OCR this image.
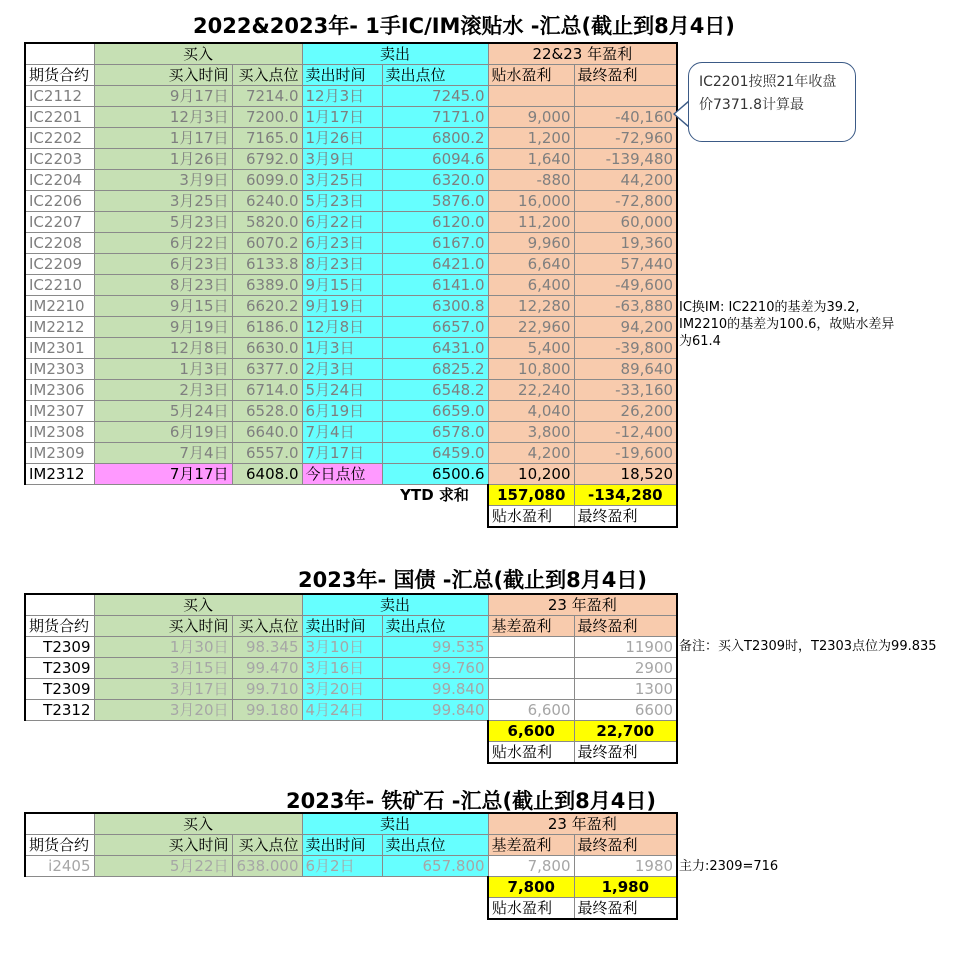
2022&2023年- 1手IC/IM滚贴水 -汇总(截止到8月4日)
	买入		卖出		22&23 年盈利	
期货合约	买入时间	买入点位	卖出时间	卖出点位	贴水盈利	最终盈利
IC2112	9月17日	7214.0	12月3日	7245.0		
IC2201	12月3日	7200.0	1月17日	7171.0	9,000	-40,160
IC2202	1月17日	7165.0	1月26日	6800.2	1,200	-72,960
IC2203	1月26日	6792.0	3月9日	6094.6	1,640	-139,480
IC2204	3月9日	6099.0	3月25日	6320.0	-880	44,200
IC2206	3月25日	6240.0	5月23日	5876.0	16,000	-72,800
IC2207	5月23日	5820.0	6月22日	6120.0	11,200	60,000
IC2208	6月22日	6070.2	6月23日	6167.0	9,960	19,360
IC2209	6月23日	6133.8	8月23日	6421.0	6,640	57,440
IC2210	8月23日	6389.0	9月15日	6141.0	6,400	-49,600
IM2210	9月15日	6620.2	9月19日	6300.8	12,280	-63,880
IM2212	9月19日	6186.0	12月8日	6657.0	22,960	94,200
IM2301	12月8日	6630.0	1月3日	6431.0	5,400	-39,800
IM2303	1月3日	6377.0	2月3日	6825.2	10,800	89,640
IM2306	2月3日	6714.0	5月24日	6548.2	22,240	-33,160
IM2307	5月24日	6528.0	6月19日	6659.0	4,040	26,200
IM2308	6月19日	6640.0	7月4日	6578.0	3,800	-12,400
IM2309	7月4日	6557.0	7月17日	6459.0	4,200	-19,600
IM2312	7月17日	6408.0	今日点位	6500.6	10,200	18,520
				YTD 求和	157,080	-134,280
					贴水盈利	最终盈利
IC2201按照21年收盘价7371.8计算最
IC换IM: IC2210的基差为39.2,
IM2210的基差为100.6，故贴水差异
为61.4
2023年- 国债 -汇总(截止到8月4日)
	买入		卖出		23 年盈利	
期货合约	买入时间	买入点位	卖出时间	卖出点位	基差盈利	最终盈利
T2309	1月30日	98.345	3月10日	99.535		11900
T2309	3月15日	99.470	3月16日	99.760		2900
T2309	3月17日	99.710	3月20日	99.840		1300
T2312	3月20日	99.180	4月24日	99.840	6,600	6600
					6,600	22,700
					贴水盈利	最终盈利
备注：买入T2309时，T2303点位为99.835
2023年- 铁矿石 -汇总(截止到8月4日)
	买入		卖出		23 年盈利	
期货合约	买入时间	买入点位	卖出时间	卖出点位	基差盈利	最终盈利
i2405	5月22日	638.000	6月2日	657.800	7,800	1980
					7,800	1,980
					贴水盈利	最终盈利
主力:2309=716
